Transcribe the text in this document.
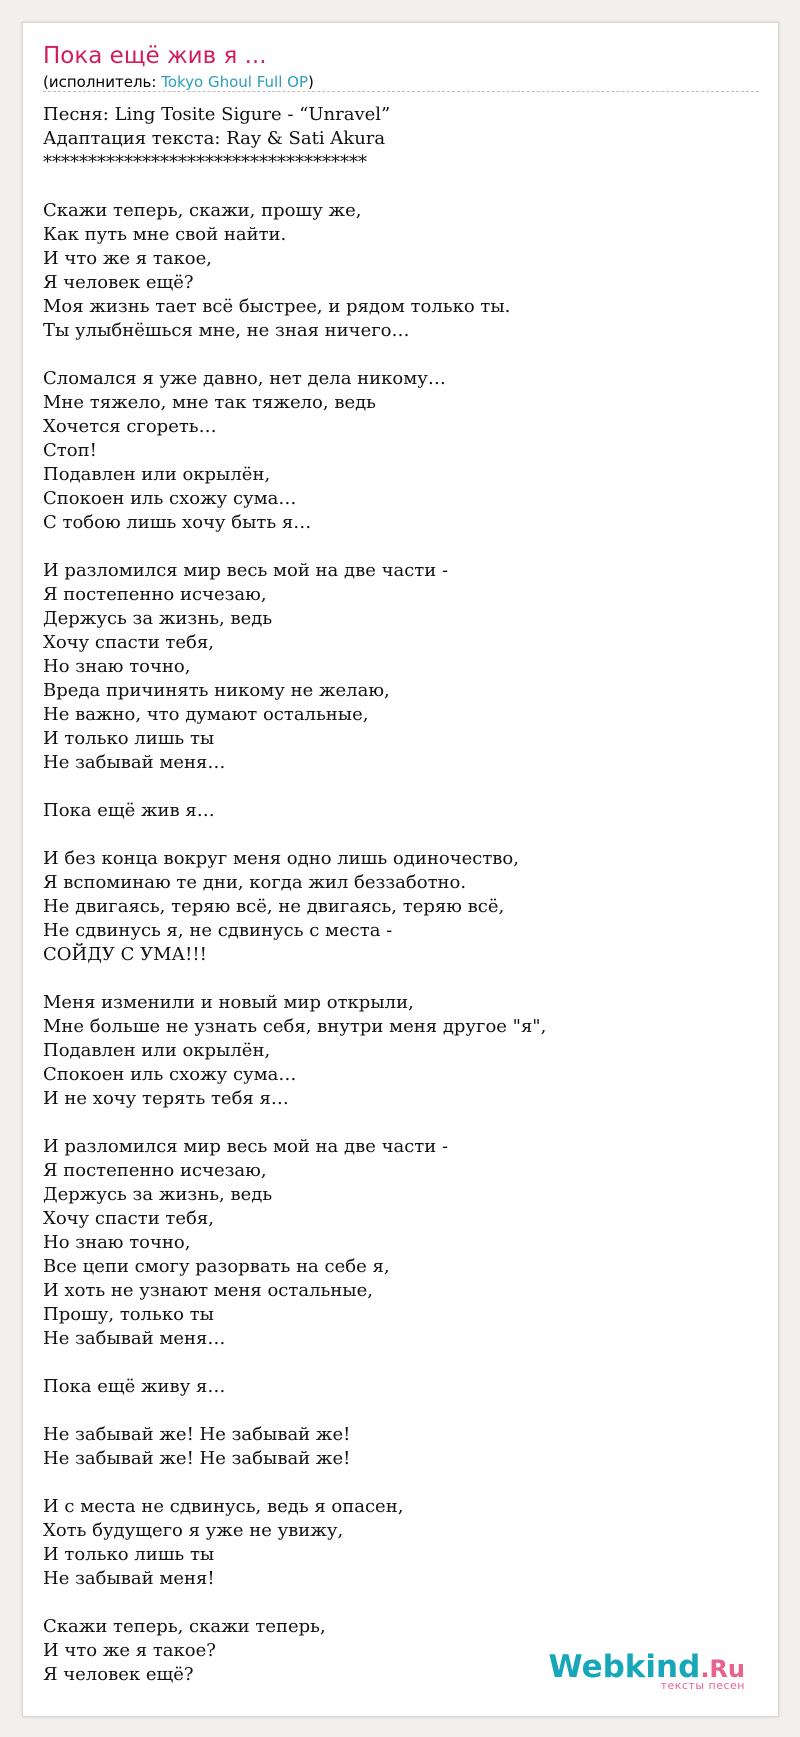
Пока ещё жив я ...
(исполнитель: Tokyo Ghoul Full OP)
Песня: Ling Tosite Sigure - “Unravel”
Адаптация текста: Ray & Sati Akura
************************************
Скажи теперь, скажи, прошу же,
Как путь мне свой найти.
И что же я такое,
Я человек ещё?
Моя жизнь тает всё быстрее, и рядом только ты.
Ты улыбнёшься мне, не зная ничего…
Сломался я уже давно, нет дела никому…
Мне тяжело, мне так тяжело, ведь
Хочется сгореть…
Стоп!
Подавлен или окрылён,
Спокоен иль схожу сума…
С тобою лишь хочу быть я…
И разломился мир весь мой на две части -
Я постепенно исчезаю,
Держусь за жизнь, ведь
Хочу спасти тебя,
Но знаю точно,
Вреда причинять никому не желаю,
Не важно, что думают остальные,
И только лишь ты
Не забывай меня…
Пока ещё жив я…
И без конца вокруг меня одно лишь одиночество,
Я вспоминаю те дни, когда жил беззаботно.
Не двигаясь, теряю всё, не двигаясь, теряю всё,
Не сдвинусь я, не сдвинусь с места -
СОЙДУ С УМА!!!
Меня изменили и новый мир открыли,
Мне больше не узнать себя, внутри меня другое "я",
Подавлен или окрылён,
Спокоен иль схожу сума…
И не хочу терять тебя я…
И разломился мир весь мой на две части -
Я постепенно исчезаю,
Держусь за жизнь, ведь
Хочу спасти тебя,
Но знаю точно,
Все цепи смогу разорвать на себе я,
И хоть не узнают меня остальные,
Прошу, только ты
Не забывай меня…
Пока ещё живу я…
Не забывай же! Не забывай же!
Не забывай же! Не забывай же!
И с места не сдвинусь, ведь я опасен,
Хоть будущего я уже не увижу,
И только лишь ты
Не забывай меня!
Скажи теперь, скажи теперь,
И что же я такое?
Я человек ещё?	Webkind.Ru
тексты песен
